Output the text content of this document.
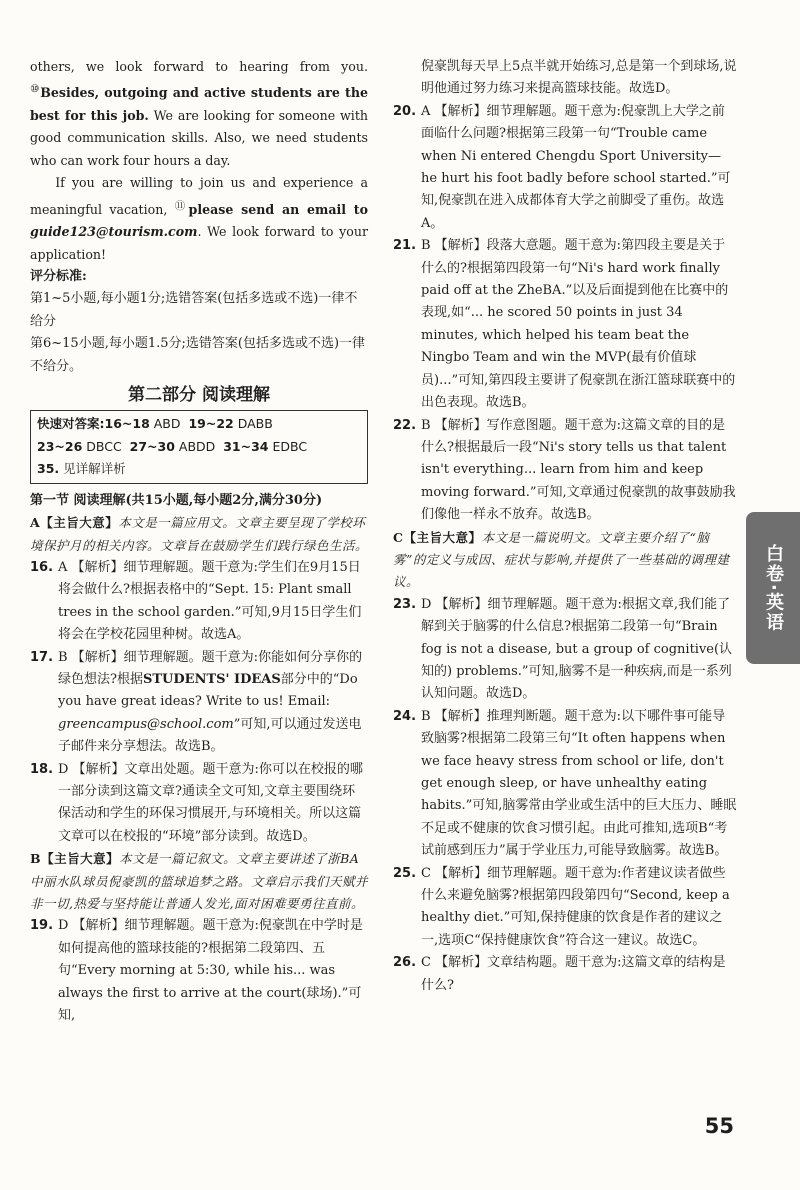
others, we look forward to hearing from you. ⑩Besides, outgoing and active students are the best for this job. We are looking for someone with good communication skills. Also, we need students who can work four hours a day.

If you are willing to join us and experience a meaningful vacation, ⑪please send an email to guide123@tourism.com. We look forward to your application!

评分标准:

第1~5小题,每小题1分;选错答案(包括多选或不选)一律不给分

第6~15小题,每小题1.5分;选错答案(包括多选或不选)一律不给分。

第二部分 阅读理解
快速对答案:16~18 ABD 19~22 DABB
23~26 DBCC 27~30 ABDD 31~34 EDBC
35. 见详解详析

第一节 阅读理解(共15小题,每小题2分,满分30分)

A【主旨大意】本文是一篇应用文。文章主要呈现了学校环境保护月的相关内容。文章旨在鼓励学生们践行绿色生活。

16. A 【解析】细节理解题。题干意为:学生们在9月15日将会做什么?根据表格中的“Sept. 15: Plant small trees in the school garden.”可知,9月15日学生们将会在学校花园里种树。故选A。
17. B 【解析】细节理解题。题干意为:你能如何分享你的绿色想法?根据STUDENTS' IDEAS部分中的“Do you have great ideas? Write to us! Email: greencampus@school.com”可知,可以通过发送电子邮件来分享想法。故选B。
18. D 【解析】文章出处题。题干意为:你可以在校报的哪一部分读到这篇文章?通读全文可知,文章主要围绕环保活动和学生的环保习惯展开,与环境相关。所以这篇文章可以在校报的“环境”部分读到。故选D。

B【主旨大意】本文是一篇记叙文。文章主要讲述了浙BA中丽水队球员倪豪凯的篮球追梦之路。文章启示我们天赋并非一切,热爱与坚持能让普通人发光,面对困难要勇往直前。

19. D 【解析】细节理解题。题干意为:倪豪凯在中学时是如何提高他的篮球技能的?根据第二段第四、五句“Every morning at 5:30, while his... was always the first to arrive at the court(球场).”可知,

倪豪凯每天早上5点半就开始练习,总是第一个到球场,说明他通过努力练习来提高篮球技能。故选D。

20. A 【解析】细节理解题。题干意为:倪豪凯上大学之前面临什么问题?根据第三段第一句“Trouble came when Ni entered Chengdu Sport University—he hurt his foot badly before school started.”可知,倪豪凯在进入成都体育大学之前脚受了重伤。故选A。
21. B 【解析】段落大意题。题干意为:第四段主要是关于什么的?根据第四段第一句“Ni's hard work finally paid off at the ZheBA.”以及后面提到他在比赛中的表现,如“... he scored 50 points in just 34 minutes, which helped his team beat the Ningbo Team and win the MVP(最有价值球员)...”可知,第四段主要讲了倪豪凯在浙江篮球联赛中的出色表现。故选B。
22. B 【解析】写作意图题。题干意为:这篇文章的目的是什么?根据最后一段“Ni's story tells us that talent isn't everything... learn from him and keep moving forward.”可知,文章通过倪豪凯的故事鼓励我们像他一样永不放弃。故选B。

C【主旨大意】本文是一篇说明文。文章主要介绍了“脑雾”的定义与成因、症状与影响,并提供了一些基础的调理建议。

23. D 【解析】细节理解题。题干意为:根据文章,我们能了解到关于脑雾的什么信息?根据第二段第一句“Brain fog is not a disease, but a group of cognitive(认知的) problems.”可知,脑雾不是一种疾病,而是一系列认知问题。故选D。
24. B 【解析】推理判断题。题干意为:以下哪件事可能导致脑雾?根据第二段第三句“It often happens when we face heavy stress from school or life, don't get enough sleep, or have unhealthy eating habits.”可知,脑雾常由学业或生活中的巨大压力、睡眠不足或不健康的饮食习惯引起。由此可推知,选项B“考试前感到压力”属于学业压力,可能导致脑雾。故选B。
25. C 【解析】细节理解题。题干意为:作者建议读者做些什么来避免脑雾?根据第四段第四句“Second, keep a healthy diet.”可知,保持健康的饮食是作者的建议之一,选项C“保持健康饮食”符合这一建议。故选C。
26. C 【解析】文章结构题。题干意为:这篇文章的结构是什么?
白卷·英语
55
